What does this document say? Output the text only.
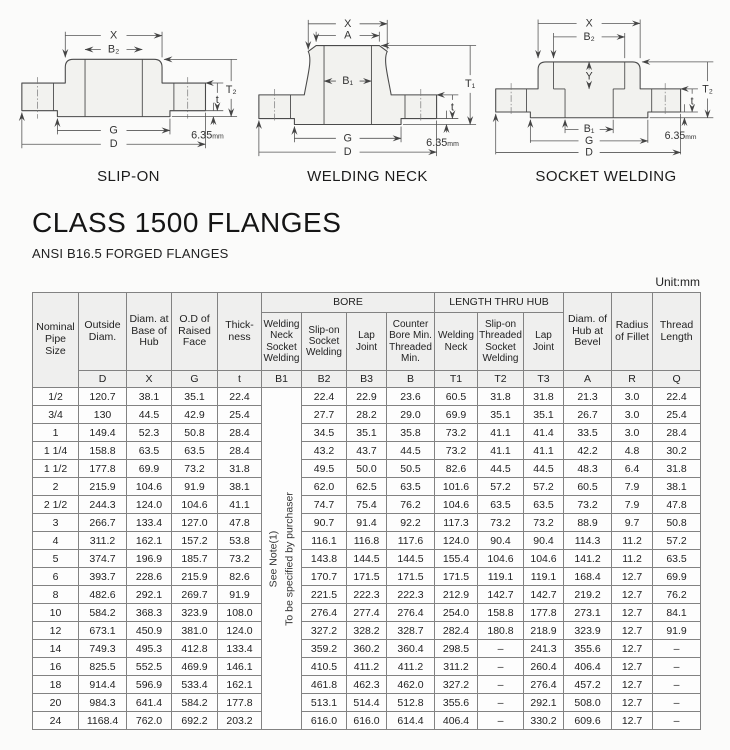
X
B₂
G
D
t
T₂
6.35mm
SLIP-ON
X
A
B₁
G
D
t
T₁
6.35mm
WELDING NECK
X
B₂
Y
B₁
G
D
t
T₂
6.35mm
SOCKET WELDING
CLASS 1500 FLANGES
ANSI B16.5 FORGED FLANGES
Unit:mm
Nominal Pipe Size	Outside Diam.	Diam. at Base of Hub	O.D of Raised Face	Thick-ness	BORE				LENGTH THRU HUB			Diam. of Hub at Bevel	Radius of Fillet	Thread Length
					Welding Neck Socket Welding	Slip-on Socket Welding	Lap Joint	Counter Bore Min. Threaded Min.	Welding Neck	Slip-on Threaded Socket Welding	Lap Joint			
	D	X	G	t	B1	B2	B3	B	T1	T2	T3	A	R	Q
1/2	120.7	38.1	35.1	22.4	See Note(1) To be specified by purchaser	22.4	22.9	23.6	60.5	31.8	31.8	21.3	3.0	22.4
3/4	130	44.5	42.9	25.4		27.7	28.2	29.0	69.9	35.1	35.1	26.7	3.0	25.4
1	149.4	52.3	50.8	28.4		34.5	35.1	35.8	73.2	41.1	41.4	33.5	3.0	28.4
1 1/4	158.8	63.5	63.5	28.4		43.2	43.7	44.5	73.2	41.1	41.1	42.2	4.8	30.2
1 1/2	177.8	69.9	73.2	31.8		49.5	50.0	50.5	82.6	44.5	44.5	48.3	6.4	31.8
2	215.9	104.6	91.9	38.1		62.0	62.5	63.5	101.6	57.2	57.2	60.5	7.9	38.1
2 1/2	244.3	124.0	104.6	41.1		74.7	75.4	76.2	104.6	63.5	63.5	73.2	7.9	47.8
3	266.7	133.4	127.0	47.8		90.7	91.4	92.2	117.3	73.2	73.2	88.9	9.7	50.8
4	311.2	162.1	157.2	53.8		116.1	116.8	117.6	124.0	90.4	90.4	114.3	11.2	57.2
5	374.7	196.9	185.7	73.2		143.8	144.5	144.5	155.4	104.6	104.6	141.2	11.2	63.5
6	393.7	228.6	215.9	82.6		170.7	171.5	171.5	171.5	119.1	119.1	168.4	12.7	69.9
8	482.6	292.1	269.7	91.9		221.5	222.3	222.3	212.9	142.7	142.7	219.2	12.7	76.2
10	584.2	368.3	323.9	108.0		276.4	277.4	276.4	254.0	158.8	177.8	273.1	12.7	84.1
12	673.1	450.9	381.0	124.0		327.2	328.2	328.7	282.4	180.8	218.9	323.9	12.7	91.9
14	749.3	495.3	412.8	133.4		359.2	360.2	360.4	298.5	–	241.3	355.6	12.7	–
16	825.5	552.5	469.9	146.1		410.5	411.2	411.2	311.2	–	260.4	406.4	12.7	–
18	914.4	596.9	533.4	162.1		461.8	462.3	462.0	327.2	–	276.4	457.2	12.7	–
20	984.3	641.4	584.2	177.8		513.1	514.4	512.8	355.6	–	292.1	508.0	12.7	–
24	1168.4	762.0	692.2	203.2		616.0	616.0	614.4	406.4	–	330.2	609.6	12.7	–
